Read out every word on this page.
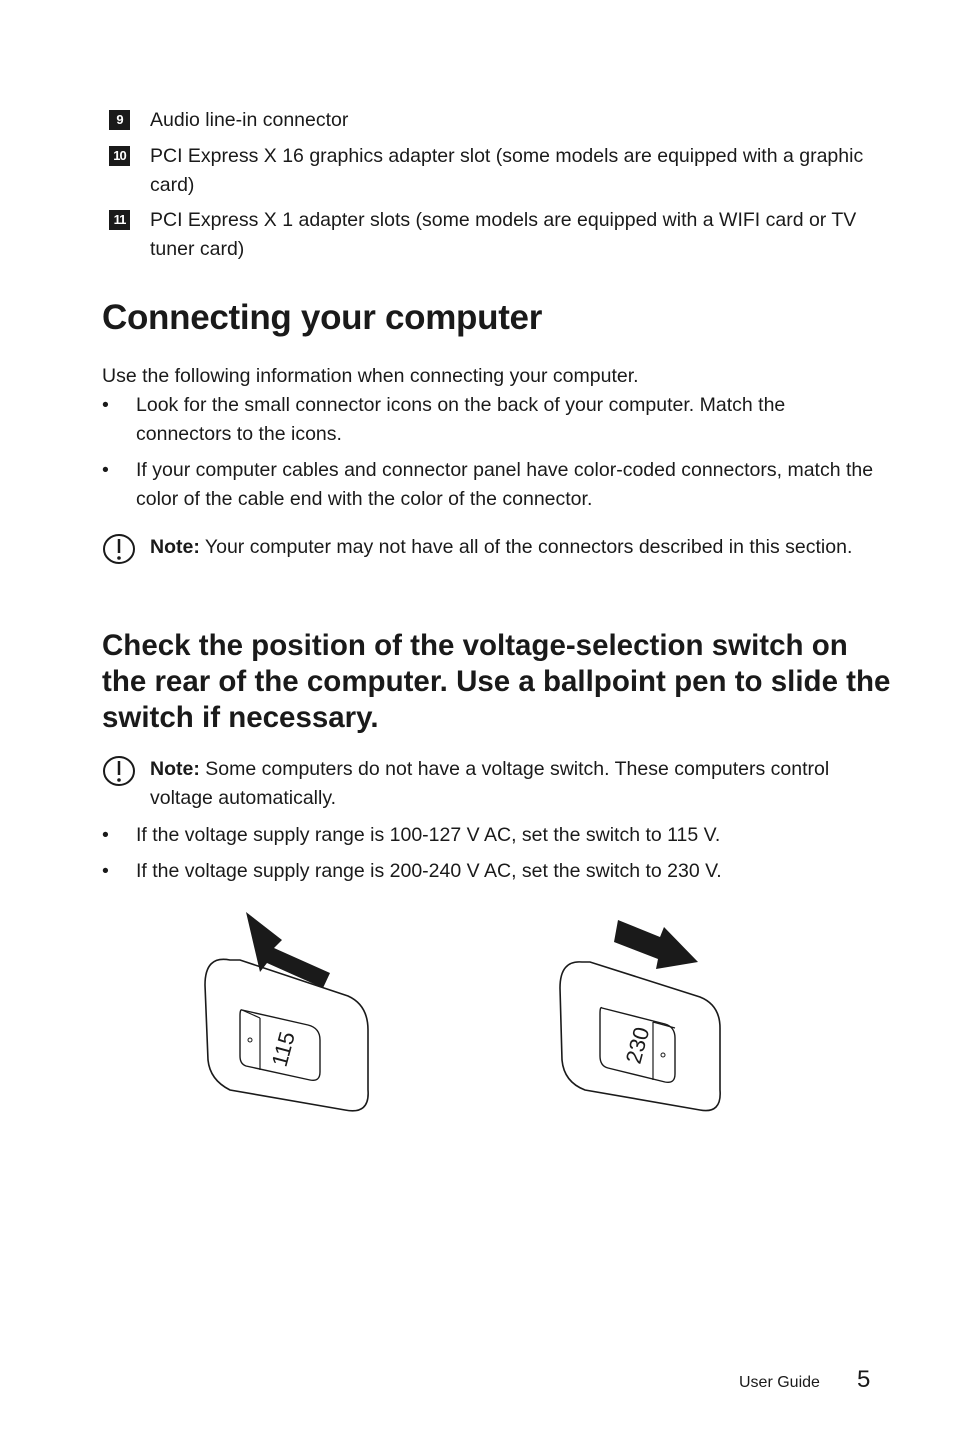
9	Audio line-in connector
10 PCI Express X 16 graphics adapter slot (some models are equipped with a graphic card)
11 PCI Express X 1 adapter slots (some models are equipped with a WIFI card or TV tuner card)
Connecting your computer
Use the following information when connecting your computer.
• Look for the small connector icons on the back of your computer. Match the connectors to the icons.
• If your computer cables and connector panel have color-coded connectors, match the color of the cable end with the color of the connector.
Note: Your computer may not have all of the connectors described in this section.
Check the position of the voltage-selection switch on the rear of the computer. Use a ballpoint pen to slide the switch if necessary.
Note: Some computers do not have a voltage switch. These computers control voltage automatically.
• If the voltage supply range is 100-127 V AC, set the switch to 115 V.
• If the voltage supply range is 200-240 V AC, set the switch to 230 V.
115	230
User Guide 5
